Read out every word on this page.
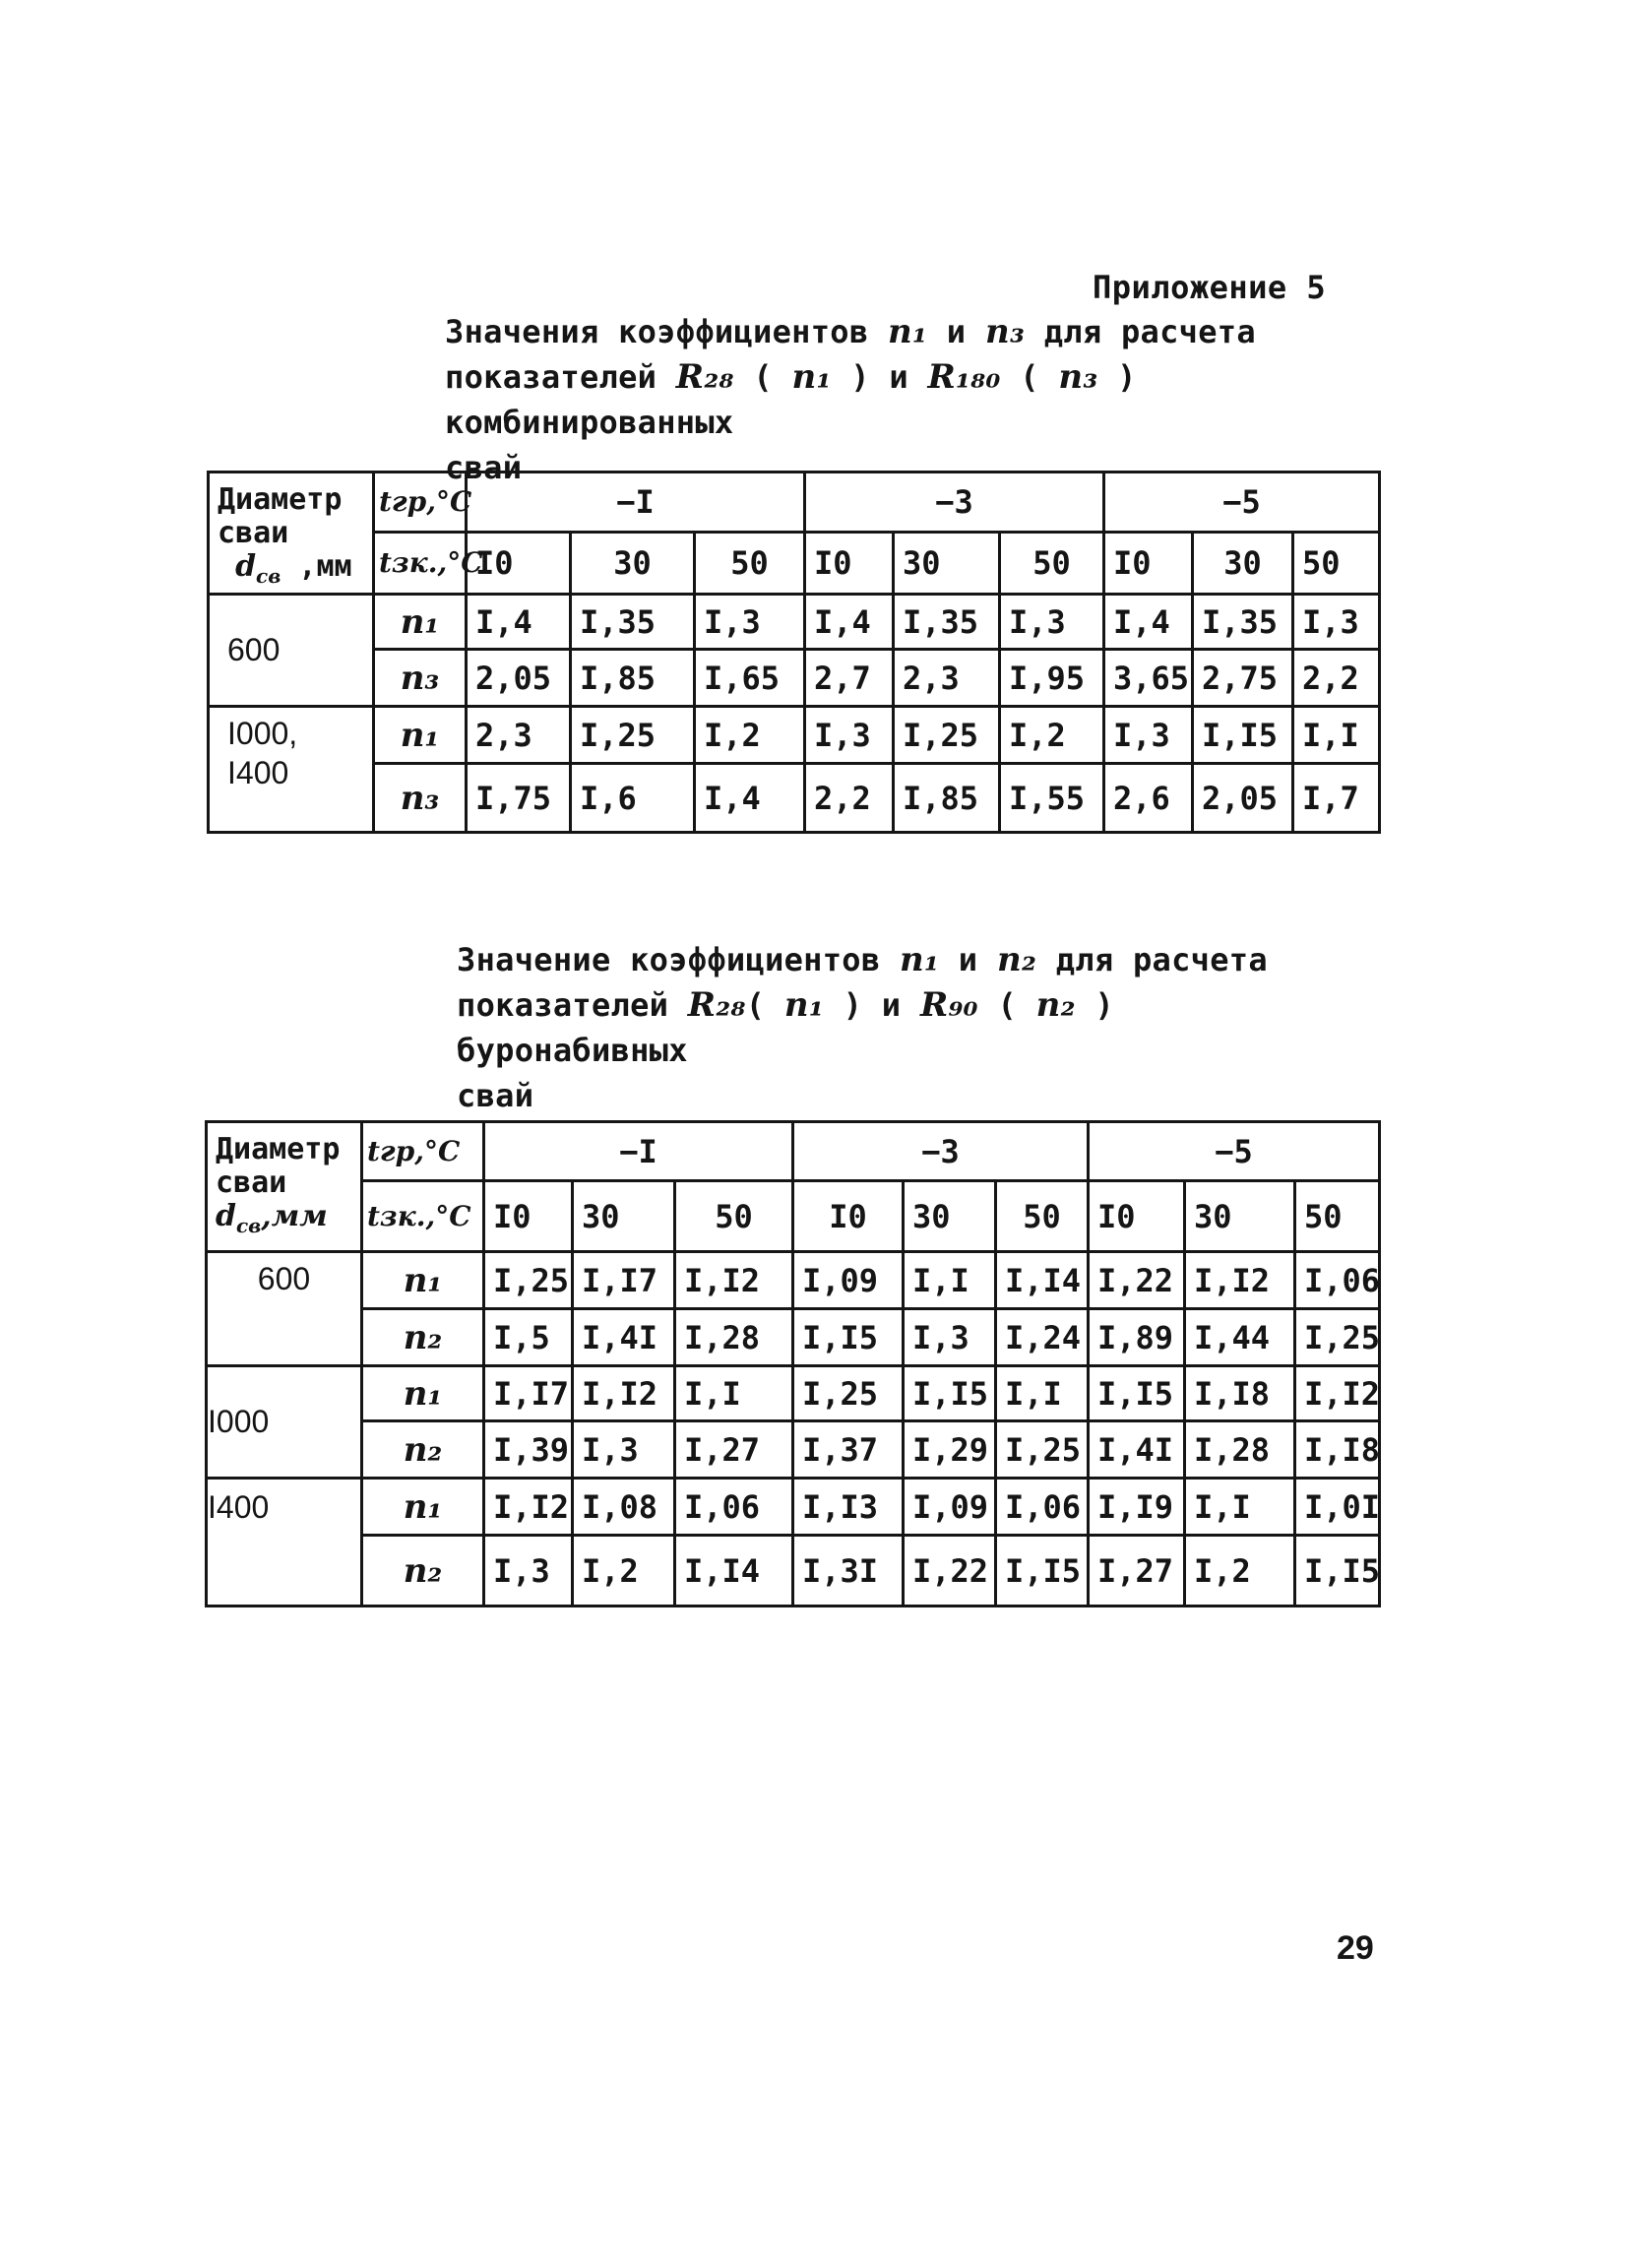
Приложение 5
Значения коэффициентов n₁ и n₃ для расчета
показателей R₂₈ ( n₁ ) и R₁₈₀ ( n₃ ) комбинированных
свай
Диаметр
сваи
$d_{св}$ ,мм	tгр,°C	−I			−3			−5		
	tзк.,°C	I0	30	50	I0	30	50	I0	30	50
600	n₁	I,4	I,35	I,3	I,4	I,35	I,3	I,4	I,35	I,3
	n₃	2,05	I,85	I,65	2,7	2,3	I,95	3,65	2,75	2,2

I000,
I400	n₁	2,3	I,25	I,2	I,3	I,25	I,2	I,3	I,I5	I,I
	n₃	I,75	I,6	I,4	2,2	I,85	I,55	2,6	2,05	I,7
Значение коэффициентов n₁ и n₂ для расчета
показателей R₂₈( n₁ ) и R₉₀ ( n₂ ) буронабивных
свай
Диаметр
сваи
$d_{св},мм$	tгр,°C	−I			−3			−5		
	tзк.,°C	I0	30	50	I0	30	50	I0	30	50
600	n₁	I,25	I,I7	I,I2	I,09	I,I	I,I4	I,22	I,I2	I,06
	n₂	I,5	I,4I	I,28	I,I5	I,3	I,24	I,89	I,44	I,25
I000	n₁	I,I7	I,I2	I,I	I,25	I,I5	I,I	I,I5	I,I8	I,I2
	n₂	I,39	I,3	I,27	I,37	I,29	I,25	I,4I	I,28	I,I8
I400	n₁	I,I2	I,08	I,06	I,I3	I,09	I,06	I,I9	I,I	I,0I
	n₂	I,3	I,2	I,I4	I,3I	I,22	I,I5	I,27	I,2	I,I5
29
